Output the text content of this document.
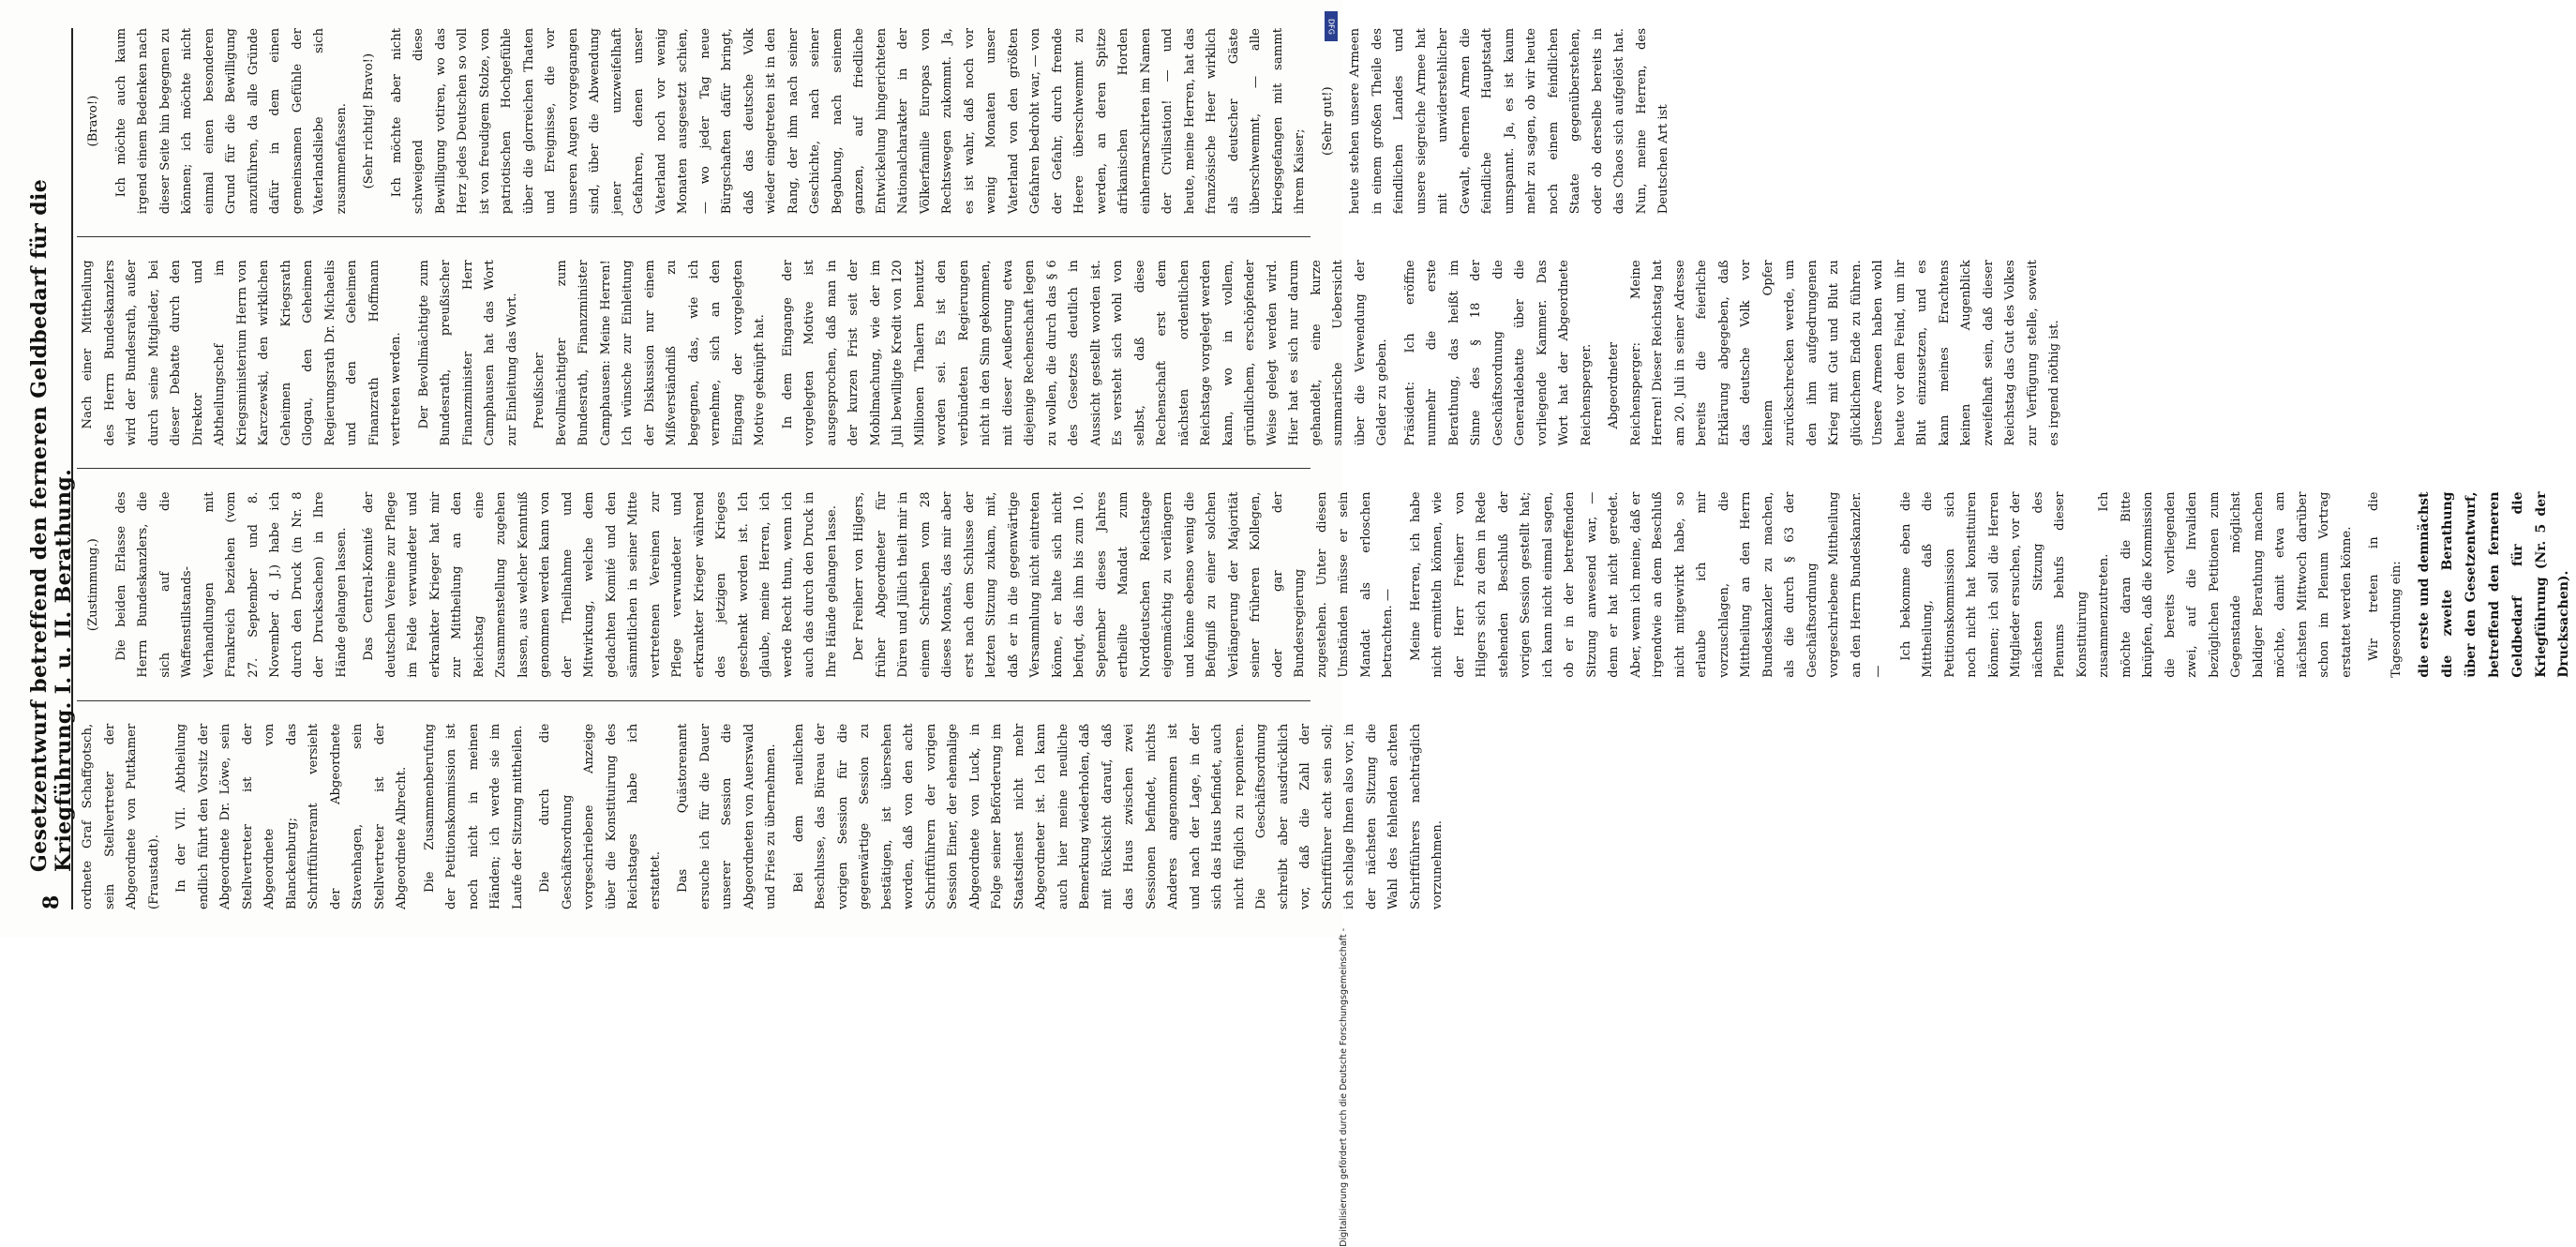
8
Gesetzentwurf betreffend den ferneren Geldbedarf für die Kriegführung. I. u. II. Berathung. ordnete Graf Schaffgotsch, sein Stellvertreter der Abgeordnete von Puttkamer (Fraustadt).	In der VII. Abtheilung endlich führt den Vorsitz der Abgeordnete Dr. Löwe, sein Stellvertreter ist der Abgeordnete von Blanckenburg; das Schriftführeramt versieht der Abgeordnete Stavenhagen, sein Stellvertreter ist der Abgeordnete Albrecht.	Die Zusammenberufung der Petitionskommission ist noch nicht in meinen Händen; ich werde sie im Laufe der Sitzung mittheilen.	Die durch die Geschäftsordnung vorgeschriebene Anzeige über die Konstituirung des Reichstages habe ich erstattet.	Das Quästorenamt ersuche ich für die Dauer unserer Session die Abgeordneten von Auerswald und Fries zu übernehmen.	Bei dem neulichen Beschlusse, das Büreau der vorigen Session für die gegenwärtige Session zu bestätigen, ist übersehen worden, daß von den acht Schriftführern der vorigen Session Einer, der ehemalige Abgeordnete von Luck, in Folge seiner Beförderung im Staatsdienst nicht mehr Abgeordneter ist. Ich kann auch hier meine neuliche Bemerkung wiederholen, daß mit Rücksicht darauf, daß das Haus zwischen zwei Sessionen befindet, nichts Anderes angenommen ist und nach der Lage, in der sich das Haus befindet, auch nicht füglich zu reponieren. Die Geschäftsordnung schreibt aber ausdrücklich vor, daß die Zahl der Schriftführer acht sein soll; ich schlage Ihnen also vor, in der nächsten Sitzung die Wahl des fehlenden achten Schriftführers nachträglich vorzunehmen.

(Zustimmung.)	Die beiden Erlasse des Herrn Bundeskanzlers, die sich auf die Waffenstillstands-Verhandlungen mit Frankreich beziehen (vom 27. September und 8. November d. J.) habe ich durch den Druck (in Nr. 8 der Drucksachen) in Ihre Hände gelangen lassen.	Das Central-Komité der deutschen Vereine zur Pflege im Felde verwundeter und erkrankter Krieger hat mir zur Mittheilung an den Reichstag eine Zusammenstellung zugehen lassen, aus welcher Kenntniß genommen werden kann von der Theilnahme und Mitwirkung, welche dem gedachten Komité und den sämmtlichen in seiner Mitte vertretenen Vereinen zur Pflege verwundeter und erkrankter Krieger während des jetzigen Krieges geschenkt worden ist. Ich glaube, meine Herren, ich werde Recht thun, wenn ich auch das durch den Druck in Ihre Hände gelangen lasse.	Der Freiherr von Hilgers, früher Abgeordneter für Düren und Jülich theilt mir in einem Schreiben vom 28 dieses Monats, das mir aber erst nach dem Schlusse der letzten Sitzung zukam, mit, daß er in die gegenwärtige Versammlung nicht eintreten könne, er halte sich nicht befugt, das ihm bis zum 10. September dieses Jahres ertheilte Mandat zum Norddeutschen Reichstage eigenmächtig zu verlängern und könne ebenso wenig die Befugniß zu einer solchen Verlängerung der Majorität seiner früheren Kollegen, oder gar der Bundesregierung zugestehen. Unter diesen Umständen müsse er sein Mandat als erloschen betrachten. —	Meine Herren, ich habe nicht ermitteln können, wie der Herr Freiherr von Hilgers sich zu dem in Rede stehenden Beschluß der vorigen Session gestellt hat; ich kann nicht einmal sagen, ob er in der betreffenden Sitzung anwesend war, — denn er hat nicht geredet. Aber, wenn ich meine, daß er irgendwie an dem Beschluß nicht mitgewirkt habe, so erlaube ich mir vorzuschlagen, die Mittheilung an den Herrn Bundeskanzler zu machen, als die durch § 63 der Geschäftsordnung vorgeschriebene Mittheilung an den Herrn Bundeskanzler. —

Ich bekomme eben die Mittheilung, daß die Petitionskommission sich noch nicht hat konstituiren können; ich soll die Herren Mitglieder ersuchen, vor der nächsten Sitzung des Plenums behufs dieser Konstituirung zusammenzutreten. Ich möchte daran die Bitte knüpfen, daß die Kommission die bereits vorliegenden zwei, auf die Invaliden bezüglichen Petitionen zum Gegenstande möglichst baldiger Berathung machen möchte, damit etwa am nächsten Mittwoch darüber schon im Plenum Vortrag erstattet werden könne.	Wir treten in die Tagesordnung ein:	die erste und demnächst die zweite Berathung über den Gesetzentwurf, betreffend den ferneren Geldbedarf für die Kriegführung (Nr. 5 der Drucksachen).

Nach einer Mittheilung des Herrn Bundeskanzlers wird der Bundesrath, außer durch seine Mitglieder, bei dieser Debatte durch den Direktor und Abtheilungschef im Kriegsministerium Herrn von Karczewski, den wirklichen Geheimen Kriegsrath Glogau, den Geheimen Regierungsrath Dr. Michaelis und den Geheimen Finanzrath Hoffmann vertreten werden.	Der Bevollmächtigte zum Bundesrath, preußischer Finanzminister Herr Camphausen hat das Wort zur Einleitung das Wort.	Preußischer Bevollmächtigter zum Bundesrath, Finanzminister Camphausen: Meine Herren! Ich wünsche zur Einleitung der Diskussion nur einem Mißverständniß zu begegnen, das, wie ich vernehme, sich an den Eingang der vorgelegten Motive geknüpft hat.	In dem Eingange der vorgelegten Motive ist ausgesprochen, daß man in der kurzen Frist seit der Mobilmachung, wie der im Juli bewilligte Kredit von 120 Millionen Thalern benutzt worden sei. Es ist den verbündeten Regierungen nicht in den Sinn gekommen, mit dieser Aeußerung etwa diejenige Rechenschaft legen zu wollen, die durch das § 6 des Gesetzes deutlich in Aussicht gestellt worden ist. Es versteht sich wohl von selbst, daß diese Rechenschaft erst dem nächsten ordentlichen Reichstage vorgelegt werden kann, wo in vollem, gründlichem, erschöpfender Weise gelegt werden wird. Hier hat es sich nur darum gehandelt, eine kurze summarische Uebersicht über die Verwendung der Gelder zu geben.	Präsident: Ich eröffne nunmehr die erste Berathung, das heißt im Sinne des § 18 der Geschäftsordnung die Generaldebatte über die vorliegende Kammer. Das Wort hat der Abgeordnete Reichensperger.	Abgeordneter Reichensperger: Meine Herren! Dieser Reichstag hat am 20. Juli in seiner Adresse bereits die feierliche Erklärung abgegeben, daß das deutsche Volk vor keinem Opfer zurückschrecken werde, um den ihm aufgedrungenen Krieg mit Gut und Blut zu glücklichem Ende zu führen. Unsere Armeen haben wohl heute vor dem Feind, um ihr Blut einzusetzen, und es kann meines Erachtens keinen Augenblick zweifelhaft sein, daß dieser Reichstag das Gut des Volkes zur Verfügung stelle, soweit es irgend nöthig ist.

(Bravo!)	Ich möchte auch kaum irgend einem Bedenken nach dieser Seite hin begegnen zu können; ich möchte nicht einmal einen besonderen Grund für die Bewilligung anzuführen, da alle Gründe dafür in dem einen gemeinsamen Gefühle der Vaterlandsliebe sich zusammenfassen.	(Sehr richtig! Bravo!)	Ich möchte aber nicht schweigend diese Bewilligung votiren, wo das Herz jedes Deutschen so voll ist von freudigem Stolze, von patriotischen Hochgefühle über die glorreichen Thaten und Ereignisse, die vor unseren Augen vorgegangen sind, über die Abwendung jener unzweifelhaft Gefahren, denen unser Vaterland noch vor wenig Monaten ausgesetzt schien, — wo jeder Tag neue Bürgschaften dafür bringt, daß das deutsche Volk wieder eingetreten ist in den Rang, der ihm nach seiner Geschichte, nach seiner Begabung, nach seinem ganzen, auf friedliche Entwickelung hingerichteten Nationalcharakter in der Völkerfamilie Europas von Rechtswegen zukommt. Ja, es ist wahr, daß noch vor wenig Monaten unser Vaterland von den größten Gefahren bedroht war, — von der Gefahr, durch fremde Heere überschwemmt zu werden, an deren Spitze afrikanischen Horden einhermarschirten im Namen der Civilisation! — und heute, meine Herren, hat das französische Heer wirklich als deutscher Gäste überschwemmt, — alle kriegsgefangen mit sammt ihrem Kaiser;

(Sehr gut!)	heute stehen unsere Armeen in einem großen Theile des feindlichen Landes und unsere siegreiche Armee hat mit unwiderstehlicher Gewalt, ehernen Armen die feindliche Hauptstadt umspannt. Ja, es ist kaum mehr zu sagen, ob wir heute noch einem feindlichen Staate gegenüberstehen, oder ob derselbe bereits in das Chaos sich aufgelöst hat. Nun, meine Herren, des Deutschen Art ist

DFG
Digitalisierung gefördert durch die Deutsche Forschungsgemeinschaft -
